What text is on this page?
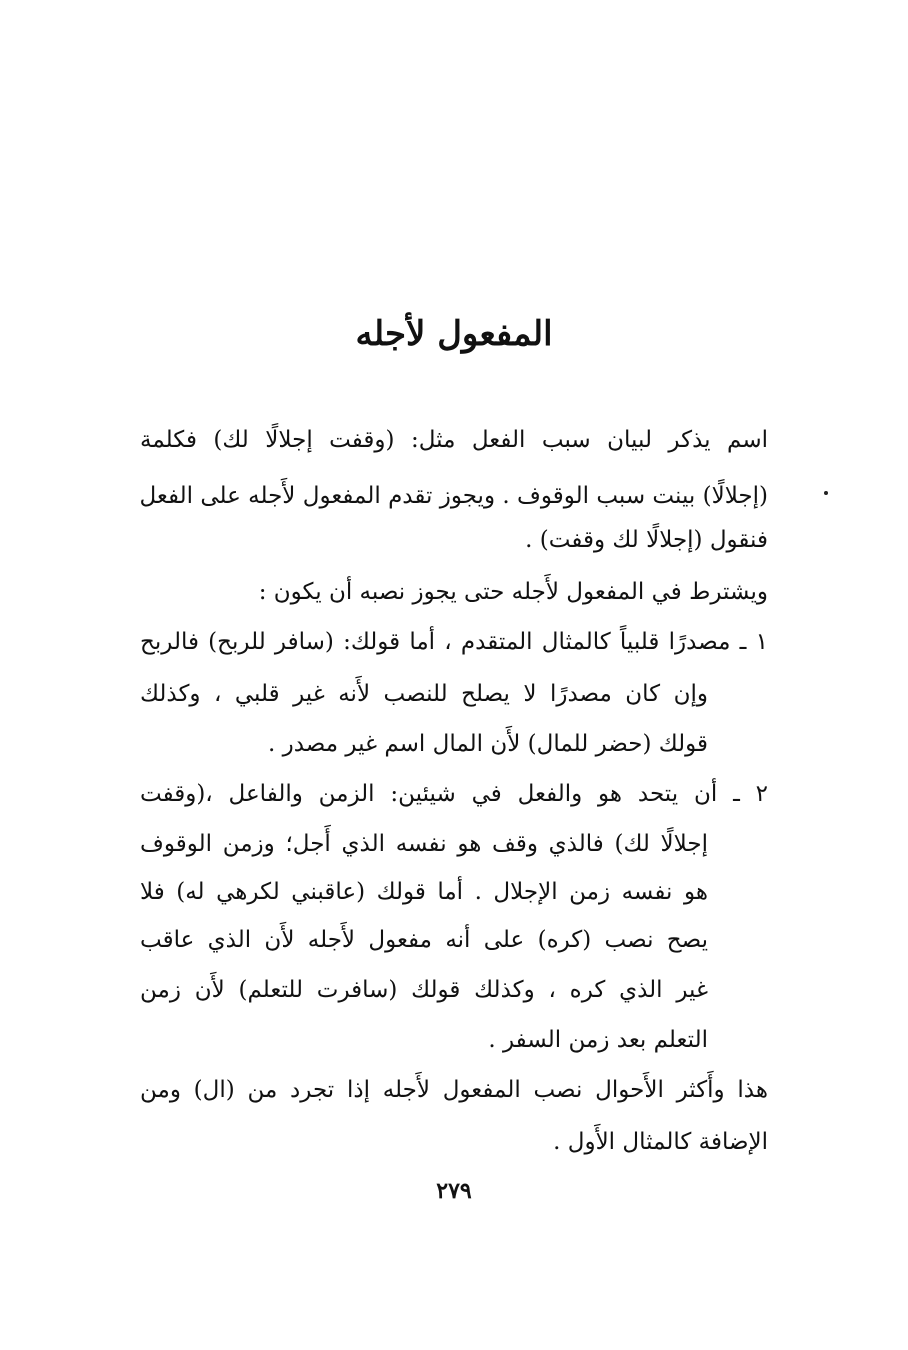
المفعول لأجله
اسم يذكر لبيان سبب الفعل مثل: (وقفت إجلالًا لك) فكلمة
(إجلالًا) بينت سبب الوقوف . ويجوز تقدم المفعول لأَجله على الفعل
فنقول (إجلالًا لك وقفت) .
ويشترط في المفعول لأَجله حتى يجوز نصبه أن يكون :
١ ـ مصدرًا قلبياً كالمثال المتقدم ، أما قولك: (سافر للربح) فالربح
وإن كان مصدرًا لا يصلح للنصب لأَنه غير قلبي ، وكذلك
قولك (حضر للمال) لأَن المال اسم غير مصدر .
٢ ـ أن يتحد هو والفعل في شيئين: الزمن والفاعل ،(وقفت
إجلالًا لك) فالذي وقف هو نفسه الذي أَجل؛ وزمن الوقوف
هو نفسه زمن الإجلال . أما قولك (عاقبني لكرهي له) فلا
يصح نصب (كره) على أنه مفعول لأَجله لأَن الذي عاقب
غير الذي كره ، وكذلك قولك (سافرت للتعلم) لأَن زمن
التعلم بعد زمن السفر .
هذا وأَكثر الأَحوال نصب المفعول لأَجله إذا تجرد من (ال) ومن
الإضافة كالمثال الأَول .
٢٧٩
